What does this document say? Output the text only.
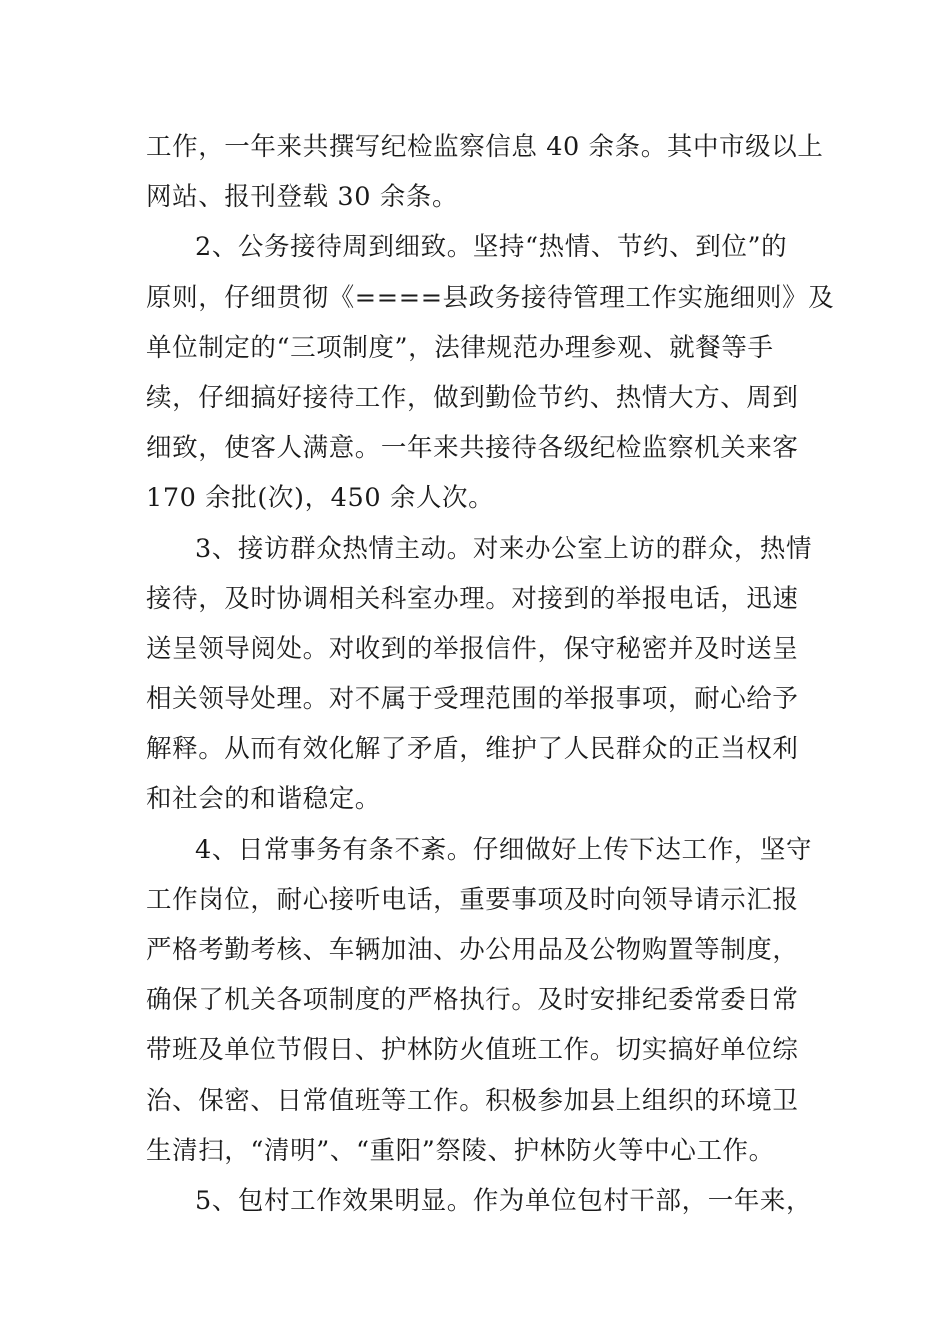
工作，一年来共撰写纪检监察信息 40 余条。其中市级以上
网站、报刊登载 30 余条。
2、公务接待周到细致。坚持“热情、节约、到位”的
原则，仔细贯彻《====县政务接待管理工作实施细则》及
单位制定的“三项制度”，法律规范办理参观、就餐等手
续，仔细搞好接待工作，做到勤俭节约、热情大方、周到
细致，使客人满意。一年来共接待各级纪检监察机关来客
170 余批(次)，450 余人次。
3、接访群众热情主动。对来办公室上访的群众，热情
接待，及时协调相关科室办理。对接到的举报电话，迅速
送呈领导阅处。对收到的举报信件，保守秘密并及时送呈
相关领导处理。对不属于受理范围的举报事项，耐心给予
解释。从而有效化解了矛盾，维护了人民群众的正当权利
和社会的和谐稳定。
4、日常事务有条不紊。仔细做好上传下达工作，坚守
工作岗位，耐心接听电话，重要事项及时向领导请示汇报
严格考勤考核、车辆加油、办公用品及公物购置等制度，
确保了机关各项制度的严格执行。及时安排纪委常委日常
带班及单位节假日、护林防火值班工作。切实搞好单位综
治、保密、日常值班等工作。积极参加县上组织的环境卫
生清扫，“清明”、“重阳”祭陵、护林防火等中心工作。
5、包村工作效果明显。作为单位包村干部，一年来，
